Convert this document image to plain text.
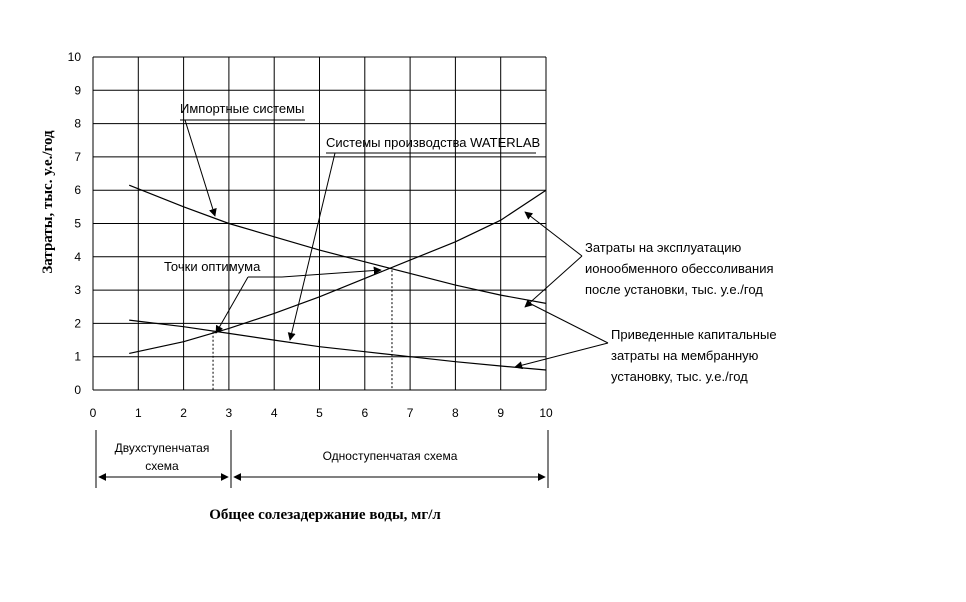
0	1	2	3	4	5	6	7	8	9	10
0
1
2
3
4
5
6
7
8
9
10
Затраты, тыс. у.е./год
Общее солезадержание воды, мг/л
Импортные системы
Системы производства WATERLAB
Точки оптимума
Затраты на эксплуатацию
ионообменного обессоливания
после установки, тыс. у.е./год
Приведенные капитальные
затраты на мембранную
установку, тыс. у.е./год
Двухступенчатая
схема
Одноступенчатая схема
